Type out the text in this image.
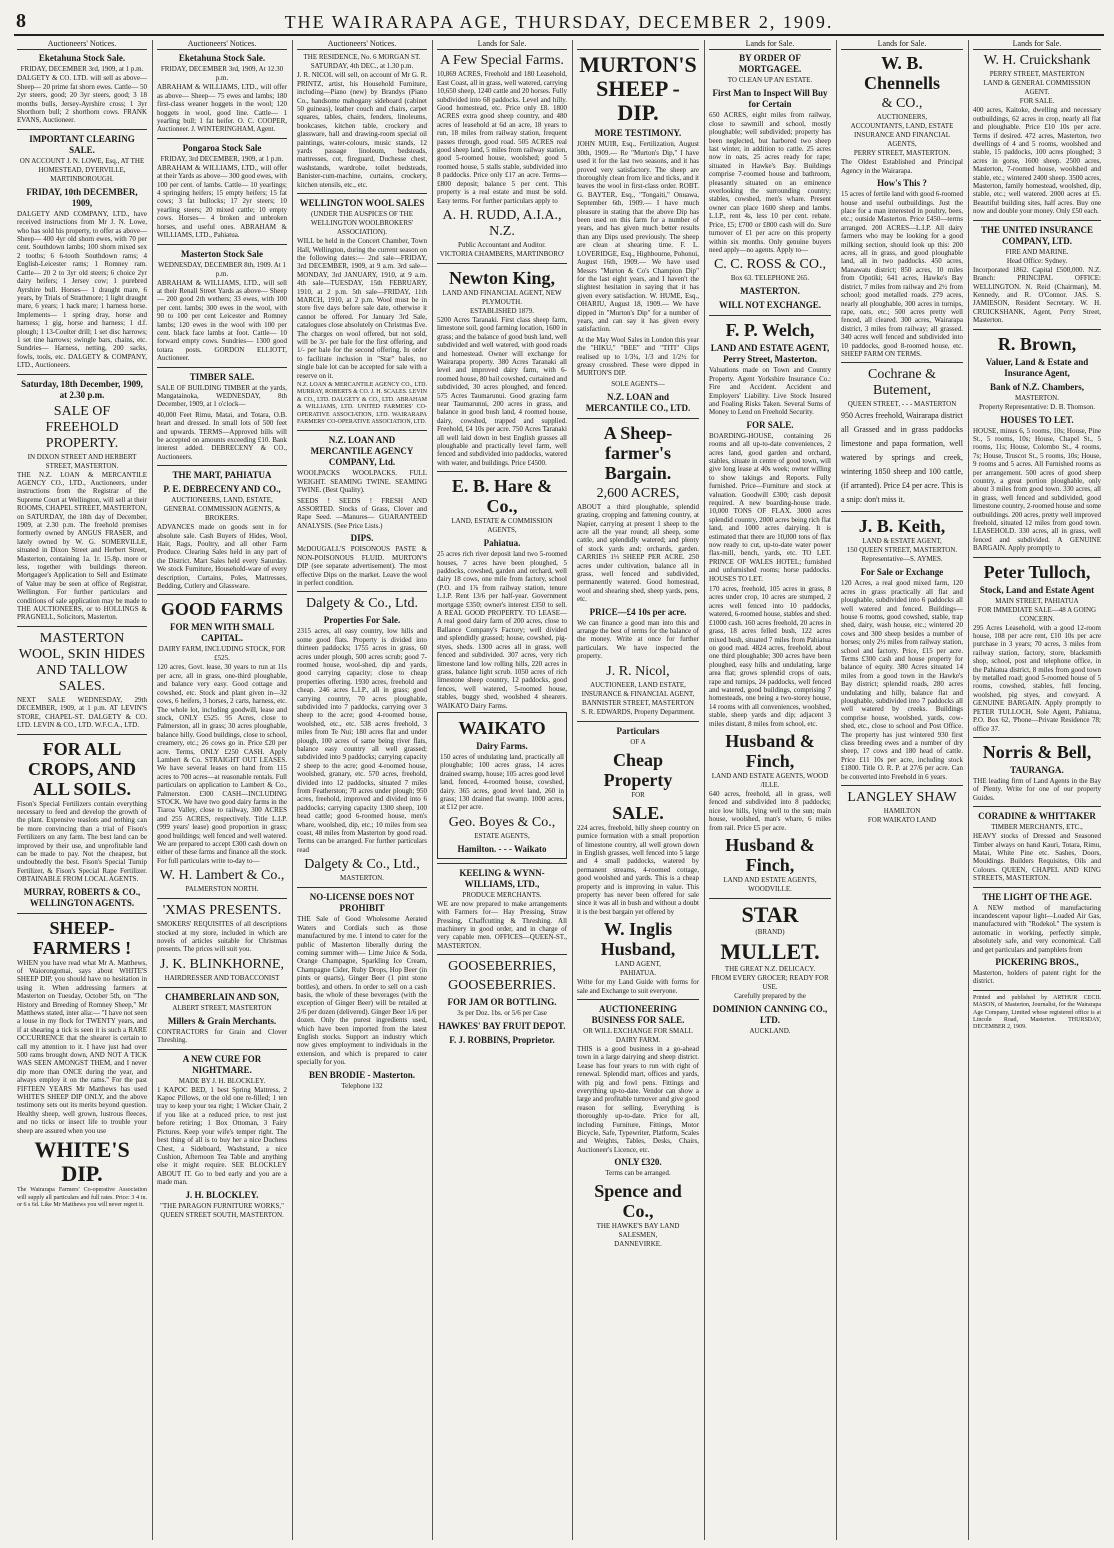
8	THE WAIRARAPA AGE, THURSDAY, DECEMBER 2, 1909.
Auctioneers' Notices.
Eketahuna Stock Sale.
FRIDAY, DECEMBER 3rd, 1909, at 1 p.m.
DALGETY & CO. LTD. will sell as above— Sheep— 20 prime fat shorn ewes. Cattle— 50 2yr steers, good; 20 3yr steers, good; 3 18 months bulls, Jersey-Ayrshire cross; 1 3yr Shorthorn bull; 2 shorthorn cows. FRANK EVANS, Auctioneer.
IMPORTANT CLEARING SALE.
ON ACCOUNT J. N. LOWE, Esq., AT THE HOMESTEAD, DYERVILLE, MARTINBOROUGH.
FRIDAY, 10th DECEMBER, 1909,
DALGETY AND COMPANY, LTD., have received instructions from Mr J. N. Lowe, who has sold his property, to offer as above— Sheep— 400 4yr old shorn ewes, with 70 per cent. Southdown lambs; 100 shorn mixed sex 2 tooths; 6 6-tooth Southdown rams; 4 English-Leicester rams; 1 Romney ram. Cattle— 20 2 to 3yr old steers; 6 choice 2yr dairy heifers; 1 Jersey cow; 1 purebred Ayrshire bull. Horses— 1 draught mare, 6 years, by Trials of Strathmore; 1 light draught mare, 6 years; 1 hack mare; 1 harness horse. Implements— 1 spring dray, horse and harness; 1 gig, horse and harness; 1 d.f. plough; 1 13-Coulter drill; 1 set disc harrows; 1 set tine harrows; swingle bars, chains, etc. Sundries— Harness, netting, 200 sacks, fowls, tools, etc. DALGETY & COMPANY, LTD., Auctioneers.
Saturday, 18th December, 1909, at 2.30 p.m.
SALE OF FREEHOLD PROPERTY.
IN DIXON STREET AND HERBERT STREET, MASTERTON.
THE N.Z. LOAN & MERCANTILE AGENCY CO., LTD., Auctioneers, under instructions from the Registrar of the Supreme Court at Wellington, will sell at their ROOMS, CHAPEL STREET, MASTERTON, on SATURDAY, the 18th day of December, 1909, at 2.30 p.m. The freehold premises formerly owned by ANGUS FRASER, and lately owned by W. G. SOMERVILLE, situated in Dixon Street and Herbert Street, Masterton, containing 1a. 1r. 15.8p. more or less, together with buildings thereon. Mortgagee's Application to Sell and Estimate of Value may be seen at office of Registrar, Wellington. For further particulars and conditions of sale application may be made to THE AUCTIONEERS, or to HOLLINGS & PRAGNELL, Solicitors, Masterton.
MASTERTON WOOL, SKIN HIDES AND TALLOW SALES.
NEXT SALE WEDNESDAY, 29th DECEMBER, 1909, at 1 p.m. AT LEVIN'S STORE, CHAPEL-ST. DALGETY & CO. LTD. LEVIN & CO., LTD. W.F.C.A., LTD.
FOR ALL CROPS, AND ALL SOILS.
Fison's Special Fertilizers contain everything necessary to feed and develop the growth of the plant. Expensive teaslots and nothing can be more convincing than a trial of Fison's Fertilizers on any farm. The best land can be improved by their use, and unprofitable land can be made to pay. Not the cheapest, but undoubtedly the best. Fison's Special Turnip Fertilizer, & Fison's Special Rape Fertilizer. OBTAINABLE FROM LOCAL AGENTS.
MURRAY, ROBERTS & CO., WELLINGTON AGENTS.
SHEEP-FARMERS !
WHEN you have read what Mr A. Matthews, of Waiorongomai, says about WHITE'S SHEEP DIP, you should have no hesitation in using it. When addressing farmers at Masterton on Tuesday, October 5th, on "The History and Breeding of Romney Sheep," Mr Matthews stated, inter alia:— "I have not seen a louse in my flock for TWENTY years, and if at shearing a tick is seen it is such a RARE OCCURRENCE that the shearer is certain to call my attention to it. I have just had over 500 rams brought down, AND NOT A TICK WAS SEEN AMONGST THEM, and I never dip more than ONCE during the year, and always employ it on the rams." For the past FIFTEEN YEARS Mr Matthews has used WHITE'S SHEEP DIP ONLY, and the above testimony sets out its merits beyond question. Healthy sheep, well grown, lustrous fleeces, and no ticks or insect life to trouble your sheep are assured when you use
WHITE'S DIP.
The Wairarapa Farmers' Co-operative Association will supply all particulars and full rates. Price: 3 4 in. or 6 s 6d. Like Mr Matthews you will never regret it.
Auctioneers' Notices.
Eketahuna Stock Sale.
FRIDAY, DECEMBER 3rd, 1909, At 12.30 p.m.
ABRAHAM & WILLIAMS, LTD., will offer as above— Sheep— 75 ewes and lambs; 180 first-class weaner hoggets in the wool; 120 hoggets in wool, good line. Cattle— 1 yearling bull; 1 fat heifer. O. C. COOPER, Auctioneer. J. WINTERINGHAM, Agent.
Pongaroa Stock Sale
FRIDAY, 3rd DECEMBER, 1909, at 1 p.m.
ABRAHAM & WILLIAMS, LTD., will offer at their Yards as above— 300 good ewes, with 100 per cent. of lambs. Cattle— 10 yearlings; 4 springing heifers; 15 empty heifers; 15 fat cows; 3 fat bullocks; 17 2yr steers; 10 yearling steers; 20 mixed cattle; 10 empty cows. Horses— 4 broken and unbroken horses, and useful ones. ABRAHAM & WILLIAMS, LTD., Pahiatua.
Masterton Stock Sale
WEDNESDAY, DECEMBER 8th, 1909. At 1 p.m.
ABRAHAM & WILLIAMS, LTD., will sell at their Renall Street Yards as above— Sheep— 200 good 2th wethers; 33 ewes, with 100 per cent. lambs; 300 ewes in the wool, with 90 to 100 per cent Leicester and Romney lambs; 120 ewes in the wool with 100 per cent. black face lambs at foot. Cattle— 10 forward empty cows. Sundries— 1300 good totara posts. GORDON ELLIOTT, Auctioneer.
TIMBER SALE.
SALE OF BUILDING TIMBER at the yards, Mangatainoka, WEDNESDAY, 8th December, 1909, at 1 o'clock—
40,000 Feet Rimu, Matai, and Totara, O.B. heart and dressed. In small lots of 500 feet and upwards. TERMS—Approved bills will be accepted on amounts exceeding £10. Bank interest added. DEBRECENY & CO., Auctioneers.
THE MART, PAHIATUA
P. E. DEBRECENY AND CO.,
AUCTIONEERS, LAND, ESTATE, GENERAL COMMISSION AGENTS, & BROKERS.
ADVANCES made on goods sent in for absolute sale. Cash Buyers of Hides, Wool, Hair, Rags, Poultry, and all other Farm Produce. Clearing Sales held in any part of the District. Mart Sales held every Saturday. We stock Furniture, Household-ware of every description, Curtains, Poles, Mattresses, Bedding, Cutlery and Glassware.
GOOD FARMS
FOR MEN WITH SMALL CAPITAL.
DAIRY FARM, INCLUDING STOCK, FOR £525.
120 acres, Govt. lease, 30 years to run at 11s per acre, all in grass, one-third ploughable, and balance very easy. Good cottage and cowshed, etc. Stock and plant given in—32 cows, 6 heifers, 3 horses, 2 carts, harness, etc. The whole lot, including goodwill, lease and stock, ONLY £525. 95 Acres, close to Palmerston, all in grass; 30 acres ploughable, balance hilly. Good buildings, close to school, creamery, etc.; 26 cows go in. Price £20 per acre. Terms, ONLY £250 CASH. Apply Lambert & Co. STRAIGHT OUT LEASES. We have several leases on hand from 115 acres to 700 acres—at reasonable rentals. Full particulars on application to Lambert & Co., Palmerston. £300 CASH—INCLUDING STOCK. We have two good dairy farms in the Tiaroa Valley, close to railway, 300 ACRES and 255 ACRES, respectively. Title L.I.P. (999 years' lease) good proportion in grass; good buildings; well fenced and well watered. We are prepared to accept £300 cash down on either of these farms and finance all the stock. For full particulars write to-day to—
W. H. Lambert & Co.,
PALMERSTON NORTH.
'XMAS PRESENTS.
SMOKERS' REQUISITES of all descriptions stocked at my store, included in which are novels of articles suitable for Christmas presents. The prices will suit you.
J. K. BLINKHORNE,
HAIRDRESSER AND TOBACCONIST
CHAMBERLAIN AND SON,
ALBERT STREET, MASTERTON
Millers & Grain Merchants.
CONTRACTORS for Grain and Clover Threshing.
A NEW CURE FOR NIGHTMARE.
MADE BY J. H. BLOCKLEY.
1 KAPOC BED, 1 best Spring Mattress, 2 Kapoc Pillows, or the old one re-filled; 1 ten tray to keep your tea right; 1 Wicker Chair, 2 if you like at a reduced price, to rest just before retiring; 1 Box Ottoman, 3 Fairy Pictures. Keep your wife's temper right. The best thing of all is to buy her a nice Duchess Chest, a Sideboard, Washstand, a nice Cushion, Afternoon Tea Table and anything else it might require. SEE BLOCKLEY ABOUT IT. Go to bed early and you are a made man.
J. H. BLOCKLEY.
"THE PARAGON FURNITURE WORKS,"
QUEEN STREET SOUTH, MASTERTON.
Auctioneers' Notices.
THE RESIDENCE, No. 6 MORGAN ST. SATURDAY, 4th DEC., at 1.30 p.m.
J. R. NICOL will sell, on account of Mr G. R. PRINTZ, artist, his Household Furniture, including—Piano (new) by Brandys (Piano Co., handsome mahogany sideboard (cabinet 50 guineas), leather couch and chairs, carpet squares, tables, chairs, fenders, linoleums, bookcases, kitchen table, crockery and glassware, hall and drawing-room special oil paintings, water-colours, music stands, 12 yards passage linoleum, bedsteads, mattresses, cot, fireguard, Duchesse chest, washstands, wardrobe, toilet bedsteads, Banister-cum-machine, curtains, crockery, kitchen utensils, etc., etc.
WELLINGTON WOOL SALES
(UNDER THE AUSPICES OF THE WELLINGTON WOOLBROKERS' ASSOCIATION).
WILL be held in the Concert Chamber, Town Hall, Wellington, during the current season on the following dates:— 2nd sale—FRIDAY, 3rd DECEMBER, 1909, at 9 a.m. 3rd sale—MONDAY, 3rd JANUARY, 1910, at 9 a.m. 4th sale—TUESDAY, 15th FEBRUARY, 1910, at 2 p.m. 5th sale—FRIDAY, 11th MARCH, 1910, at 2 p.m. Wool must be in store five days before sale date, otherwise it cannot be offered. For January 3rd Sale, catalogues close absolutely on Christmas Eve. The charges on wool offered, but not sold, will be 3/- per bale for the first offering, and 1/- per bale for the second offering. In order to facilitate inclusion in "Star" bales, no single bale lot can be accepted for sale with a reserve on it.
N.Z. LOAN & MERCANTILE AGENCY CO., LTD. MURRAY, ROBERTS & CO. J. H. SCALES. LEVIN & CO., LTD. DALGETY & CO., LTD. ABRAHAM & WILLIAMS, LTD. UNITED FARMERS' CO-OPERATIVE ASSOCIATION, LTD. WAIRARAPA FARMERS' CO-OPERATIVE ASSOCIATION, LTD.
N.Z. LOAN AND MERCANTILE AGENCY COMPANY, Ltd.
WOOLPACKS WOOLPACKS. FULL WEIGHT. SEAMING TWINE. SEAMING TWINE. (Best Quality).
SEEDS ! SEEDS ! FRESH AND ASSORTED. Stocks of Grass, Clover and Rape Seed. —Manures— GUARANTEED ANALYSIS. (See Price Lists.)
DIPS.
McDOUGALL'S POISONOUS PASTE & NON-POISONOUS FLUID. MURTON'S DIP (see separate advertisement). The most effective Dips on the market. Leave the wool in perfect condition.
Dalgety & Co., Ltd.
Properties For Sale.
2315 acres, all easy country, low hills and some good flats. Property is divided into thirteen paddocks; 1755 acres in grass, 60 acres under plough, 500 acres scrub; good 7-roomed house, wool-shed, dip and yards, good carrying capacity; close to cheap properties offering. 1930 acres, freehold and cheap. 246 acres L.I.P., all in grass; good carrying country, 70 acres ploughable, subdivided into 7 paddocks, carrying over 3 sheep to the acre; good 4-roomed house, woolshed, etc., etc. 538 acres freehold, 3 miles from Te Nui; 180 acres flat and under plough, 100 acres of same being river flats, balance easy country all well grassed; subdivided into 9 paddocks; carrying capacity 2 sheep to the acre; good 4-roomed house, woolshed, granary, etc. 570 acres, freehold, divided into 12 paddocks, situated 7 miles from Featherston; 70 acres under plough; 950 acres, freehold, improved and divided into 6 paddocks; carrying capacity 1300 sheep, 100 head cattle; good 6-roomed house, men's whare, woolshed, dip, etc.; 10 miles from sea coast, 48 miles from Masterton by good road. Terms can be arranged. For further particulars read
Dalgety & Co., Ltd.,
MASTERTON.
NO-LICENSE DOES NOT PROHIBIT
THE Sale of Good Wholesome Aerated Waters and Cordials such as those manufactured by me. I intend to cater for the public of Masterton liberally during the coming summer with— Lime Juice & Soda, Orange Champagne, Sparkling Ice Cream, Champagne Cider, Ruby Drops, Hop Beer (in pints or quarts), Ginger Beer (1 pint stone bottles), and others. In order to sell on a cash basis, the whole of these beverages (with the exception of Ginger Beer) will be retailed at 2/6 per dozen (delivered). Ginger Beer 1/6 per dozen. Only the purest ingredients used, which have been imported from the latest English stocks. Support an industry which now gives employment to individuals in the extension, and which is prepared to cater specially for you.
BEN BRODIE - Masterton.
Telephone 132
Lands for Sale.
A Few Special Farms.
10,869 ACRES, Freehold and 180 Leasehold, East Coast, all in grass, well watered, carrying 10,650 sheep, 1240 cattle and 20 horses. Fully subdivided into 68 paddocks. Level and hilly. Good homestead, etc. Price only £8. 1800 ACRES extra good sheep country, and 480 acres of leasehold at 6d an acre, 18 years to run, 18 miles from railway station, frequent passes through, good road. 505 ACRES real good sheep land, 5 miles from railway station, good 5-roomed house, woolshed; good 5 roomed house, 5 stalls stable, subdivided into 8 paddocks. Price only £17 an acre. Terms—£800 deposit; balance 5 per cent. This property is a real estate and must be sold. Easy terms. For further particulars apply to
A. H. RUDD, A.I.A., N.Z.
Public Accountant and Auditor.
VICTORIA CHAMBERS, MARTINBORO'
Newton King,
LAND AND FINANCIAL AGENT, NEW PLYMOUTH.
ESTABLISHED 1879.
5200 Acres Taranaki. First class sheep farm, limestone soil, good farming location, 1600 in grass; and the balance of good bush land, well subdivided and well watered, with good roads and homestead. Owner will exchange for Wairarapa property. 380 Acres Taranaki all level and improved dairy farm, with 6-roomed house, 80 bail cowshed, curtained and subdivided, 30 acres ploughed, and fenced. 575 Acres Taumarunui. Good grazing farm near Taumarunui, 200 acres in grass, and balance in good bush land, 4 roomed house, dairy, cowshed, trapped and supplied. Freehold, £4 10s per acre. 750 Acres Taranaki all well laid down in best English grasses all ploughable and practically level farm, well fenced and subdivided into paddocks, watered with water, and buildings. Price £4500.
E. B. Hare & Co.,
LAND, ESTATE & COMMISSION AGENTS,
Pahiatua.
25 acres rich river deposit land two 5-roomed houses, 7 acres have been ploughed, 5 paddocks, cowshed, garden and orchard, well dairy 18 cows, one mile from factory, school (P.O. and 1⅞ from railway station, tenure L.I.P. Rent 13/6 per half-year. Government mortgage £350; owner's interest £350 to sell. A REAL GOOD PROPERTY. TO LEASE—A real good dairy farm of 200 acres, close to Ballance Company's Factory; well divided and splendidly grassed; house, cowshed, pig-styes, sheds. 1300 acres all in grass, well fenced and subdivided. 307 acres, very rich limestone land low rolling hills, 220 acres in grass, balance light scrub. 1050 acres of rich limestone sheep country, 12 paddocks, good fences, well watered, 5-roomed house, stables, buggy shed, woolshed 4 shearers. WAIKATO Dairy Farms.
WAIKATO
Dairy Farms.
150 acres of undulating land, practically all ploughable; 100 acres grass, 14 acres drained swamp, house; 105 acres good level land, fenced, 4-roomed house, cowshed, dairy. 365 acres, good level land, 260 in grass; 130 drained flat swamp. 1000 acres, at £12 per acre.
Geo. Boyes & Co.,
ESTATE AGENTS,
Hamilton. - - - Waikato
KEELING & WYNN-WILLIAMS, LTD.,
PRODUCE MERCHANTS.
WE are now prepared to make arrangements with Farmers for— Hay Pressing, Straw Pressing, Chaffcutting & Threshing. All machinery in good order, and in charge of very capable men. OFFICES—QUEEN-ST., MASTERTON.
GOOSEBERRIES,
GOOSEBERRIES.
FOR JAM OR BOTTLING.
3s per Doz. 1bs. or 5/6 per Case
HAWKES' BAY FRUIT DEPOT.
F. J. ROBBINS, Proprietor.

MURTON'S SHEEP - DIP.
MORE TESTIMONY.
JOHN MUIR, Esq., Fertilization, August 30th, 1909.— Re "Murton's Dip," I have used it for the last two seasons, and it has proved very satisfactory. The sheep are thoroughly clean from lice and ticks, and it leaves the wool in first-class order. ROBT. G. BAYTER, Esq., "Tongaiti," Onuawa, September 6th, 1909.— I have much pleasure in stating that the above Dip has been used on this farm for a number of years, and has given much better results than any Dips used previously. The sheep are clean at shearing time. F. L. LOVERIDGE, Esq., Highbourne, Pohonui, August 16th, 1909.— We have used Messrs "Murton & Co's Champion Dip" for the last eight years, and I haven't the slightest hesitation in saying that it has given every satisfaction. W. HUME, Esq., OHARIU, August 18, 1909.— We have dipped in "Murton's Dip" for a number of years, and can say it has given every satisfaction.
At the May Wool Sales in London this year the "HIKU," "BEE" and "TITI" Clips realised up to 1/3¼, 1/3 and 1/2½ for greasy crossbred. These were dipped in MURTON'S DIP.
SOLE AGENTS—
N.Z. LOAN and MERCANTILE CO., LTD.
A Sheep-farmer's Bargain.
2,600 ACRES,
ABOUT a third ploughable, splendid grazing, cropping and fattening country, at Napier, carrying at present 1 sheep to the acre all the year round; all sheep, some cattle, and splendidly watered; and plenty of stock yards and; orchards, garden. CARRIES 1⅓ SHEEP PER ACRE. 250 acres under cultivation, balance all in grass, well fenced and subdivided, permanently watered. Good homestead, wool and shearing shed, sheep yards, pens, etc.
PRICE—£4 10s per acre.
We can finance a good man into this and arrange the best of terms for the balance of the money. Write at once for further particulars. We have inspected the property.
J. R. Nicol,
AUCTIONEER, LAND ESTATE, INSURANCE & FINANCIAL AGENT,
BANNISTER STREET, MASTERTON
S. R. EDWARDS, Property Department.
Particulars
OF A
Cheap Property
FOR
SALE.
224 acres, freehold, hilly sheep country on pumice formation with a small proportion of limestone country, all well grown down in English grasses, well fenced into 5 large and 4 small paddocks, watered by permanent streams, 4-roomed cottage, good woolshed and yards. This is a cheap property and is improving in value. This property has never been offered for sale since it was all in bush and without a doubt it is the best bargain yet offered by
W. Inglis Husband,
LAND AGENT,
PAHIATUA.
Write for my Land Guide with forms for sale and Exchange to suit everyone.
AUCTIONEERING BUSINESS FOR SALE.
OR WILL EXCHANGE FOR SMALL DAIRY FARM.
THIS is a good business in a go-ahead town in a large dairying and sheep district. Lease has four years to run with right of renewal. Splendid mart, offices and yards, with pig and fowl pens. Fittings and everything up-to-date. Vendor can show a large and profitable turnover and give good reason for selling. Everything is thoroughly up-to-date. Price for all, including Furniture, Fittings, Motor Bicycle, Safe, Typewriter, Platform, Scales and Weights, Tables, Desks, Chairs, Auctioneer's Licence, etc.
ONLY £320.
Terms can be arranged.
Spence and Co.,
THE HAWKE'S BAY LAND SALESMEN,
DANNEVIRKE.
Lands for Sale.
BY ORDER OF MORTGAGEE.
TO CLEAN UP AN ESTATE.
First Man to Inspect Will Buy for Certain
650 ACRES, eight miles from railway, close to sawmill and school, mostly ploughable; well subdivided; property has been neglected, but harbored two sheep last winter, in addition to cattle. 25 acres now in oats, 25 acres ready for rape; situated in Hawke's Bay. Buildings comprise 7-roomed house and bathroom, pleasantly situated on an eminence overlooking the surrounding country; stables, cowshed, men's whare. Present owner can place 1600 sheep and lambs. L.I.P., rent 4s, less 10 per cent. rebate. Price, £5; £700 or £800 cash will do. Sure turnover of £1 per acre on this property within six months. Only genuine buyers need apply—no agents. Apply to—
C. C. ROSS & CO.,
Box 63. TELEPHONE 265.
MASTERTON.
WILL NOT EXCHANGE.
F. P. Welch,
LAND AND ESTATE AGENT, Perry Street, Masterton.
Valuations made on Town and Country Property. Agent Yorkshire Insurance Co.: Fire and Accident. Accident and Employers' Liability. Live Stock Insured and Foaling Risks Taken. Several Sums of Money to Lend on Freehold Security.
FOR SALE.
BOARDING-HOUSE, containing 26 rooms and all up-to-date conveniences, 2 acres land, good garden and orchard, stables, situate in centre of good town, will give long lease at 40s week; owner willing to show takings and Reports. Fully furnished. Price—Furniture and stock at valuation. Goodwill £300; cash deposit required. A new boarding-house trade. 10,000 TONS OF FLAX. 3000 acres splendid country, 2000 acres being rich flat land, and 1000 acres dairying. It is estimated that there are 10,000 tons of flax now ready to cut, up-to-date water power flax-mill, bench, yards, etc. TO LET. PRINCE OF WALES HOTEL; furnished and unfurnished rooms; horse paddocks. HOUSES TO LET.
170 acres, freehold, 105 acres in grass, 8 acres under crop, 10 acres are stumped, 2 acres well fenced into 10 paddocks, watered, 6-roomed house, stables and shed. £1000 cash. 160 acres freehold, 20 acres in grass, 18 acres felled bush, 122 acres mixed bush, situated 7 miles from Pahiatua on good road. 4824 acres, freehold, about one third ploughable; 300 acres have been ploughed, easy hills and undulating, large area flat; grows splendid crops of oats, rape and turnips, 24 paddocks, well fenced and watered, good buildings, comprising 7 homesteads, one being a two-storey house, 14 rooms with all conveniences, woolshed, stable, sheep yards and dip; adjacent 3 miles distant, 8 miles from school, etc.
Husband & Finch,
LAND AND ESTATE AGENTS, WOOD /ILLE.
640 acres, freehold, all in grass, well fenced and subdivided into 8 paddocks; nice low hills, lying well to the sun; main house, woolshed, man's whare, 6 miles from rail. Price £5 per acre.
Husband & Finch,
LAND AND ESTATE AGENTS,
WOODVILLE.
STAR
(BRAND)
MULLET.
THE GREAT N.Z. DELICACY.
FROM EVERY GROCER; READY FOR USE.
Carefully prepared by the
DOMINION CANNING CO., LTD.
AUCKLAND.
Lands for Sale.
W. B. Chennells
& CO.,
AUCTIONEERS,
ACCOUNTANTS, LAND, ESTATE INSURANCE AND FINANCIAL AGENTS,
PERRY STREET, MASTERTON.
The Oldest Established and Principal Agency in the Wairarapa.
How's This ?
15 acres of fertile land with good 6-roomed house and useful outbuildings. Just the place for a man interested in poultry, bees, etc.; outside Masterton. Price £450—terms arranged. 200 ACRES—L.I.P. All dairy farmers who may be looking for a good milking section, should look up this: 200 acres, all in grass, and good ploughable land, all in two paddocks. 450 acres, Manawatu district; 850 acres, 10 miles from Opotiki; 641 acres, Hawke's Bay district, 7 miles from railway and 2½ from school; good metalled roads. 279 acres, nearly all ploughable, 300 acres in turnips, rape, oats, etc.; 500 acres pretty well fenced, all cleared. 300 acres, Wairarapa district, 3 miles from railway; all grassed. 340 acres well fenced and subdivided into 10 paddocks, good 8-roomed house, etc. SHEEP FARM ON TERMS.
Cochrane & Butement,
QUEEN STREET, - - - MASTERTON
950 Acres freehold, Wairarapa district all Grassed and in grass paddocks limestone and papa formation, well watered by springs and creek, wintering 1850 sheep and 100 cattle, (if arranted). Price £4 per acre. This is a snip: don't miss it.
J. B. Keith,
LAND & ESTATE AGENT,
150 QUEEN STREET, MASTERTON.
Representative—S. AYMES.
For Sale or Exchange
120 Acres, a real good mixed farm, 120 acres in grass practically all flat and ploughable, subdivided into 6 paddocks all well watered and fenced. Buildings—house 6 rooms, good cowshed, stable, trap shed, dairy, wash house, etc.; wintered 20 cows and 300 sheep besides a number of horses; only 2½ miles from railway station, school and factory. Price, £15 per acre. Terms £300 cash and house property for balance of equity. 380 Acres situated 14 miles from a good town in the Hawke's Bay district; splendid roads, 280 acres undulating and hilly, balance flat and ploughable, subdivided into 7 paddocks all well watered by creeks. Buildings comprise house, woolshed, yards, cow-shed, etc., close to school and Post Office. The property has just wintered 930 first class breeding ewes and a number of dry sheep, 17 cows and 180 head of cattle. Price £11 10s per acre, including stock £1800. Title O. R. P. at 27/6 per acre. Can be converted into Freehold in 6 years.
LANGLEY SHAW
HAMILTON
FOR WAIKATO LAND
Lands for Sale.
W. H. Cruickshank
PERRY STREET, MASTERTON
LAND & GENERAL COMMISSION AGENT.
FOR SALE.
400 acres, Kaitoke, dwelling and necessary outbuildings, 62 acres in crop, nearly all flat and ploughable. Price £10 10s per acre. Terms if desired. 472 acres, Masterton, two dwellings of 4 and 5 rooms, woolshed and stable, 15 paddocks, 100 acres ploughed; 3 acres in gorse, 1600 sheep. 2500 acres, Masterton, 7-roomed house, woolshed and stable, etc.; wintered 2400 sheep. 3500 acres, Masterton, family homestead, woolshed, dip, stable, etc.; well watered. 2000 acres at £5. Beautiful building sites, half acres. Buy one now and double your money. Only £50 each.
THE UNITED INSURANCE COMPANY, LTD.
FIRE AND MARINE.
Head Office: Sydney.
Incorporated 1862. Capital £500,000. N.Z. Branch: PRINCIPAL OFFICE: WELLINGTON. N. Reid (Chairman), M. Kennedy, and R. O'Connor. JAS. S. JAMIESON, Resident Secretary. W. H. CRUICKSHANK, Agent, Perry Street, Masterton.
R. Brown,
Valuer, Land & Estate and Insurance Agent,
Bank of N.Z. Chambers,
MASTERTON.
Property Representative: D. B. Thomson.
HOUSES TO LET.
HOUSE, minus 6, 5 rooms, 10s; House, Pine St., 5 rooms, 10s; House, Chapel St., 5 rooms, 11s; House, Colombo St., 4 rooms, 7s; House, Truscot St., 5 rooms, 10s; House, 9 rooms and 5 acres. All Furnished rooms as per arrangement. 500 acres of good sheep country, a great portion ploughable, only about 3 miles from good town. 330 acres, all in grass, well fenced and subdivided, good limestone country, 2-roomed house and some outbuildings. 200 acres, pretty well improved freehold, situated 12 miles from good town. LEASEHOLD. 330 acres, all in grass, well fenced and subdivided. A GENUINE BARGAIN. Apply promptly to
Peter Tulloch,
Stock, Land and Estate Agent
MAIN STREET, PAHIATUA
FOR IMMEDIATE SALE—48 A GOING CONCERN.
295 Acres Leasehold, with a good 12-room house, 108 per acre rent, £10 10s per acre purchase in 3 years; 70 acres, 3 miles from railway station, factory, store, blacksmith shop, school, post and telephone office, in the Pahiatua district, 8 miles from good town by metalled road; good 5-roomed house of 5 rooms, cowshed, stables, full fencing, woolshed, pig styes, and cowyard. A GENUINE BARGAIN. Apply promptly to PETER TULLOCH, Sole Agent, Pahiatua, P.O. Box 62, 'Phone—Private Residence 78; office 37.
Norris & Bell,
TAURANGA.
THE leading firm of Land Agents in the Bay of Plenty. Write for one of our property Guides.
CORADINE & WHITTAKER
TIMBER MERCHANTS, ETC.,
HEAVY stocks of Dressed and Seasoned Timber always on hand Kauri, Totara, Rimu, Matai, White Pine etc. Sashes, Doors, Mouldings. Builders Requisites, Oils and Colours. QUEEN, CHAPEL AND KING STREETS, MASTERTON.
THE LIGHT OF THE AGE.
A NEW method of manufacturing incandescent vapour light—Loaded Air Gas, manufactured with "Rodekol." The system is automatic in working, perfectly simple, absolutely safe, and very economical. Call and get particulars and pamphlets from
PICKERING BROS.,
Masterton, holders of patent right for the district.
Printed and published by ARTHUR CECIL MASON, of Masterton, Journalist, for the Wairarapa Age Company, Limited whose registered office is at Lincoln Road, Masterton. THURSDAY, DECEMBER 2, 1909.
